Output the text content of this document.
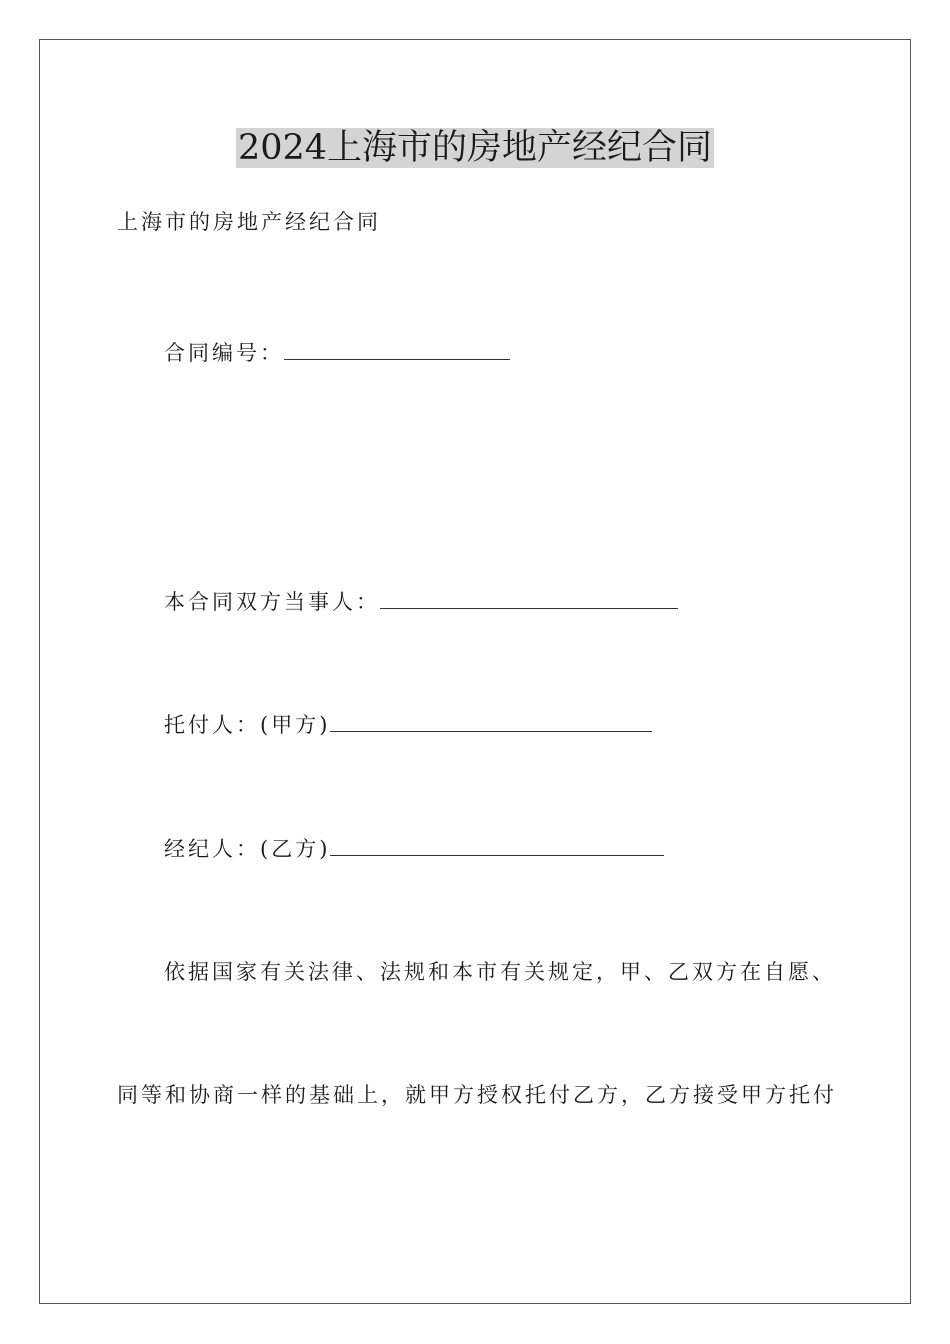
2024上海市的房地产经纪合同
上海市的房地产经纪合同
合同编号：
本合同双方当事人：
托付人：(甲方)
经纪人：(乙方)
依据国家有关法律、法规和本市有关规定，甲、乙双方在自愿、
同等和协商一样的基础上，就甲方授权托付乙方，乙方接受甲方托付
